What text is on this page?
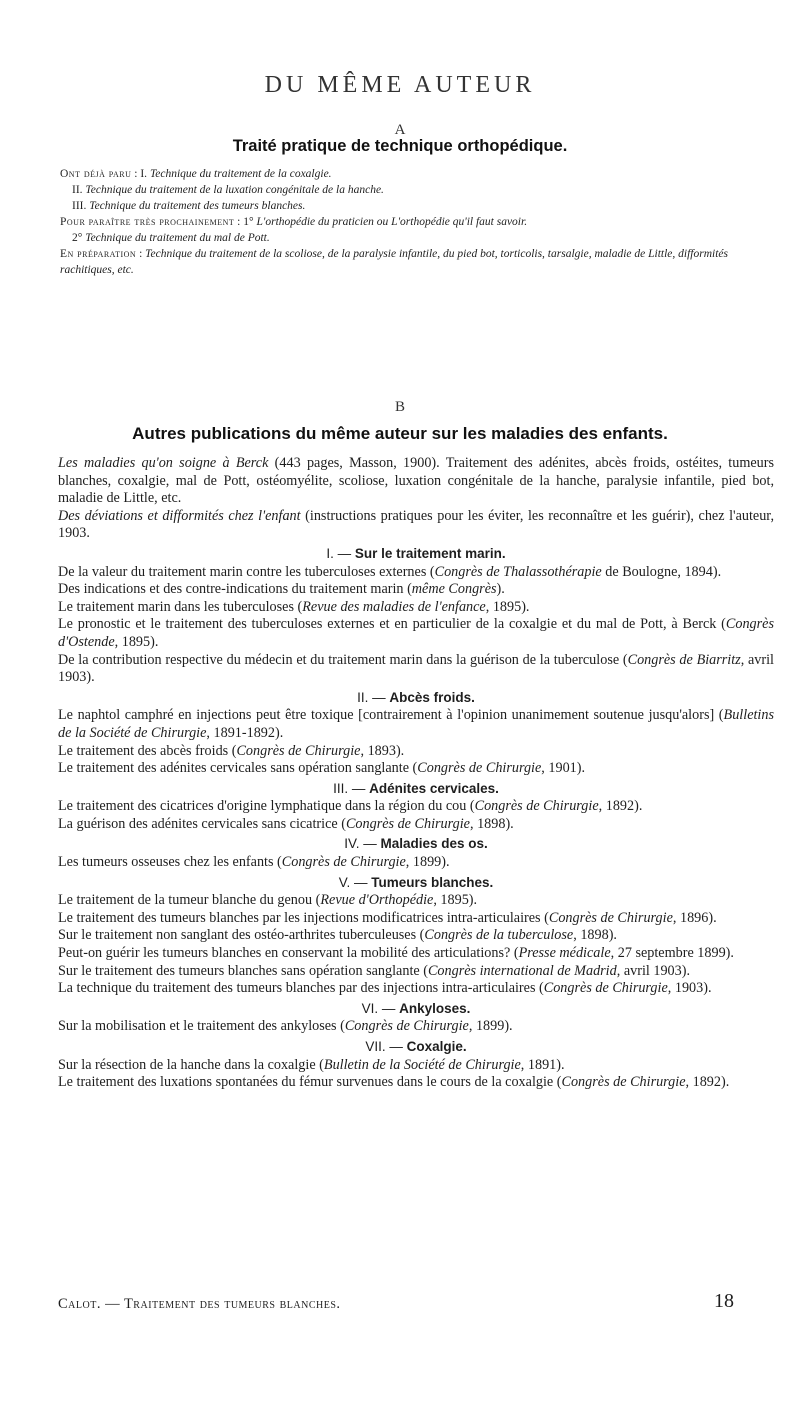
DU MÊME AUTEUR
A
Traité pratique de technique orthopédique.

Ont déjà paru : I. Technique du traitement de la coxalgie.

II. Technique du traitement de la luxation congénitale de la hanche.

III. Technique du traitement des tumeurs blanches.

Pour paraître très prochainement : 1° L'orthopédie du praticien ou L'orthopédie qu'il faut savoir.

2° Technique du traitement du mal de Pott.

En préparation : Technique du traitement de la scoliose, de la paralysie infantile, du pied bot, torticolis, tarsalgie, maladie de Little, difformités rachitiques, etc.

B
Autres publications du même auteur sur les maladies des enfants.

Les maladies qu'on soigne à Berck (443 pages, Masson, 1900). Traitement des adénites, abcès froids, ostéites, tumeurs blanches, coxalgie, mal de Pott, ostéomyélite, scoliose, luxation congénitale de la hanche, paralysie infantile, pied bot, maladie de Little, etc.

Des déviations et difformités chez l'enfant (instructions pratiques pour les éviter, les reconnaître et les guérir), chez l'auteur, 1903.

I. — Sur le traitement marin.

De la valeur du traitement marin contre les tuberculoses externes (Congrès de Thalassothérapie de Boulogne, 1894).

Des indications et des contre-indications du traitement marin (même Congrès).

Le traitement marin dans les tuberculoses (Revue des maladies de l'enfance, 1895).

Le pronostic et le traitement des tuberculoses externes et en particulier de la coxalgie et du mal de Pott, à Berck (Congrès d'Ostende, 1895).

De la contribution respective du médecin et du traitement marin dans la guérison de la tuberculose (Congrès de Biarritz, avril 1903).

II. — Abcès froids.

Le naphtol camphré en injections peut être toxique [contrairement à l'opinion unanimement soutenue jusqu'alors] (Bulletins de la Société de Chirurgie, 1891-1892).

Le traitement des abcès froids (Congrès de Chirurgie, 1893).

Le traitement des adénites cervicales sans opération sanglante (Congrès de Chirurgie, 1901).

III. — Adénites cervicales.

Le traitement des cicatrices d'origine lymphatique dans la région du cou (Congrès de Chirurgie, 1892).

La guérison des adénites cervicales sans cicatrice (Congrès de Chirurgie, 1898).

IV. — Maladies des os.

Les tumeurs osseuses chez les enfants (Congrès de Chirurgie, 1899).

V. — Tumeurs blanches.

Le traitement de la tumeur blanche du genou (Revue d'Orthopédie, 1895).

Le traitement des tumeurs blanches par les injections modificatrices intra-articulaires (Congrès de Chirurgie, 1896).

Sur le traitement non sanglant des ostéo-arthrites tuberculeuses (Congrès de la tuberculose, 1898).

Peut-on guérir les tumeurs blanches en conservant la mobilité des articulations? (Presse médicale, 27 septembre 1899).

Sur le traitement des tumeurs blanches sans opération sanglante (Congrès international de Madrid, avril 1903).

La technique du traitement des tumeurs blanches par des injections intra-articulaires (Congrès de Chirurgie, 1903).

VI. — Ankyloses.

Sur la mobilisation et le traitement des ankyloses (Congrès de Chirurgie, 1899).

VII. — Coxalgie.

Sur la résection de la hanche dans la coxalgie (Bulletin de la Société de Chirurgie, 1891).

Le traitement des luxations spontanées du fémur survenues dans le cours de la coxalgie (Congrès de Chirurgie, 1892).

Calot. — Traitement des tumeurs blanches.	18
